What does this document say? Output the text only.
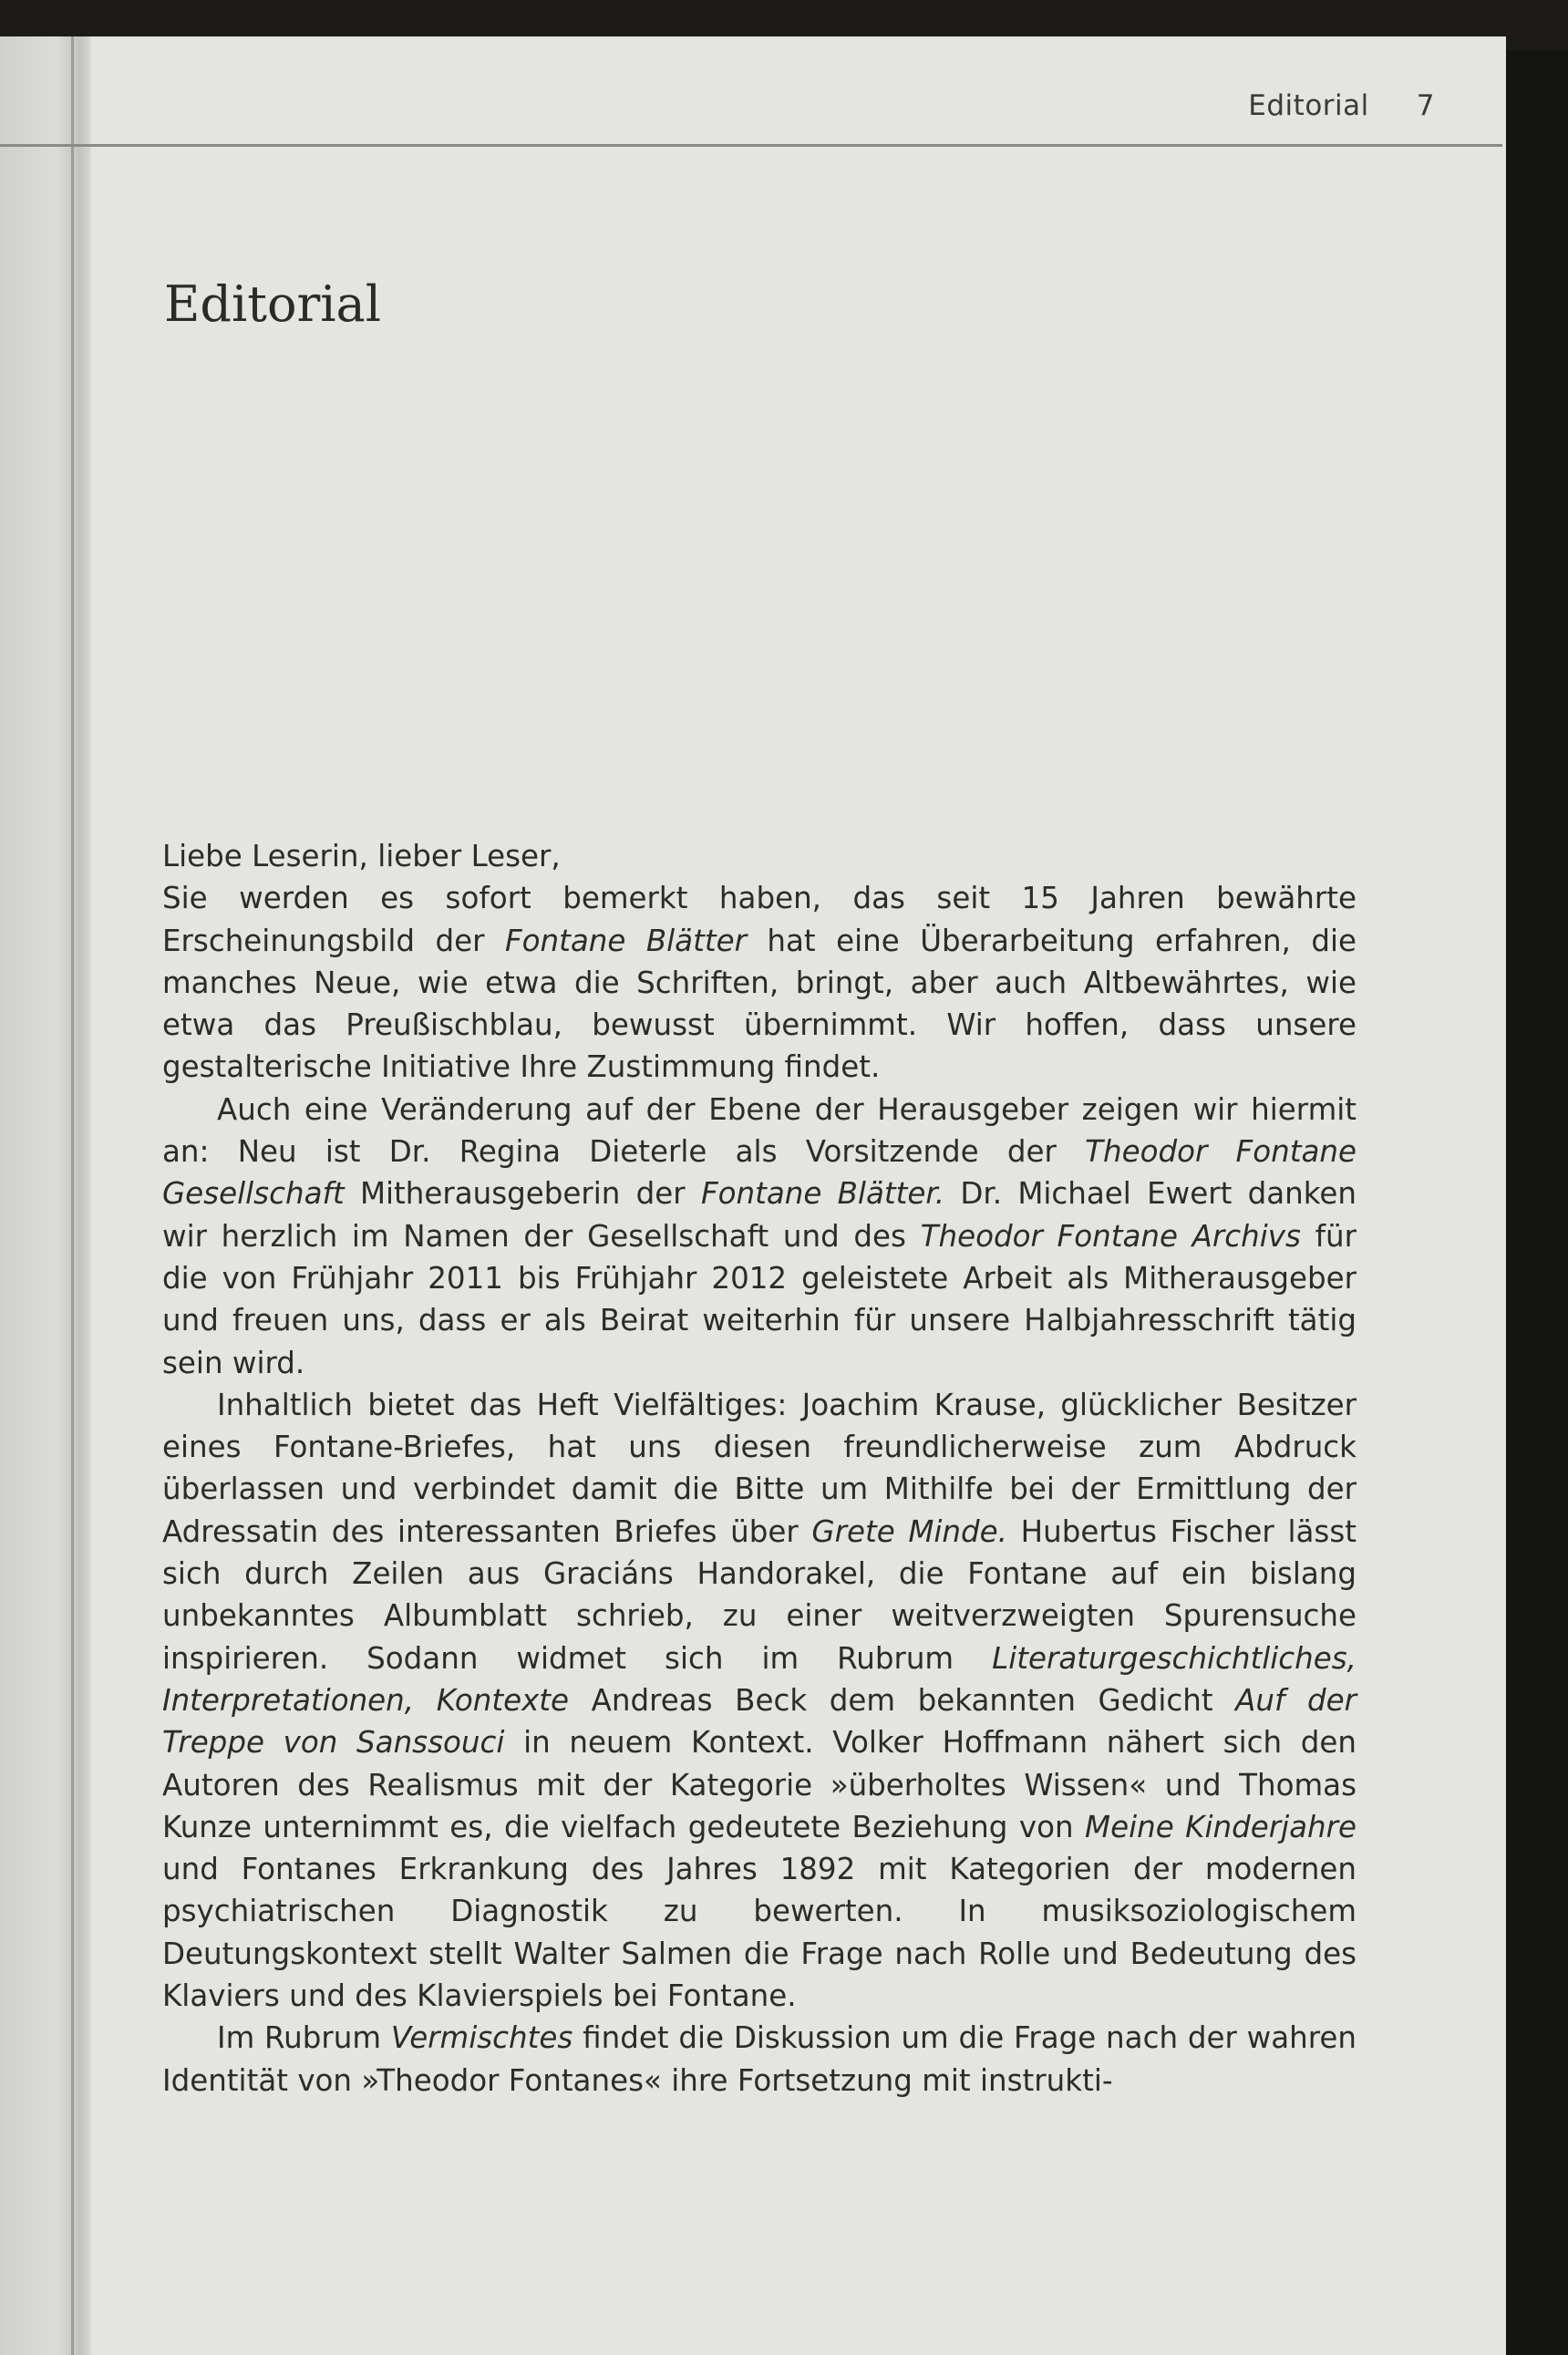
Editorial 7
Editorial

Liebe Leserin, lieber Leser,

Sie werden es sofort bemerkt haben, das seit 15 Jahren bewährte Erscheinungsbild der Fontane Blätter hat eine Überarbeitung erfahren, die manches Neue, wie etwa die Schriften, bringt, aber auch Altbewährtes, wie etwa das Preußischblau, bewusst übernimmt. Wir hoffen, dass unsere gestalterische Initiative Ihre Zustimmung findet.

Auch eine Veränderung auf der Ebene der Herausgeber zeigen wir hiermit an: Neu ist Dr. Regina Dieterle als Vorsitzende der Theodor Fontane Gesellschaft Mitherausgeberin der Fontane Blätter. Dr. Michael Ewert danken wir herzlich im Namen der Gesellschaft und des Theodor Fontane Archivs für die von Frühjahr 2011 bis Frühjahr 2012 geleistete Arbeit als Mitherausgeber und freuen uns, dass er als Beirat weiterhin für unsere Halbjahresschrift tätig sein wird.

Inhaltlich bietet das Heft Vielfältiges: Joachim Krause, glücklicher Besitzer eines Fontane-Briefes, hat uns diesen freundlicherweise zum Abdruck überlassen und verbindet damit die Bitte um Mithilfe bei der Ermittlung der Adressatin des interessanten Briefes über Grete Minde. Hubertus Fischer lässt sich durch Zeilen aus Graciáns Handorakel, die Fontane auf ein bislang unbekanntes Albumblatt schrieb, zu einer weitverzweigten Spurensuche inspirieren. Sodann widmet sich im Rubrum Literaturgeschichtliches, Interpretationen, Kontexte Andreas Beck dem bekannten Gedicht Auf der Treppe von Sanssouci in neuem Kontext. Volker Hoffmann nähert sich den Autoren des Realismus mit der Kategorie »überholtes Wissen« und Thomas Kunze unternimmt es, die vielfach gedeutete Beziehung von Meine Kinderjahre und Fontanes Erkrankung des Jahres 1892 mit Kategorien der modernen psychiatrischen Diagnostik zu bewerten. In musiksoziologischem Deutungskontext stellt Walter Salmen die Frage nach Rolle und Bedeutung des Klaviers und des Klavierspiels bei Fontane.

Im Rubrum Vermischtes findet die Diskussion um die Frage nach der wahren Identität von »Theodor Fontanes« ihre Fortsetzung mit instrukti-
